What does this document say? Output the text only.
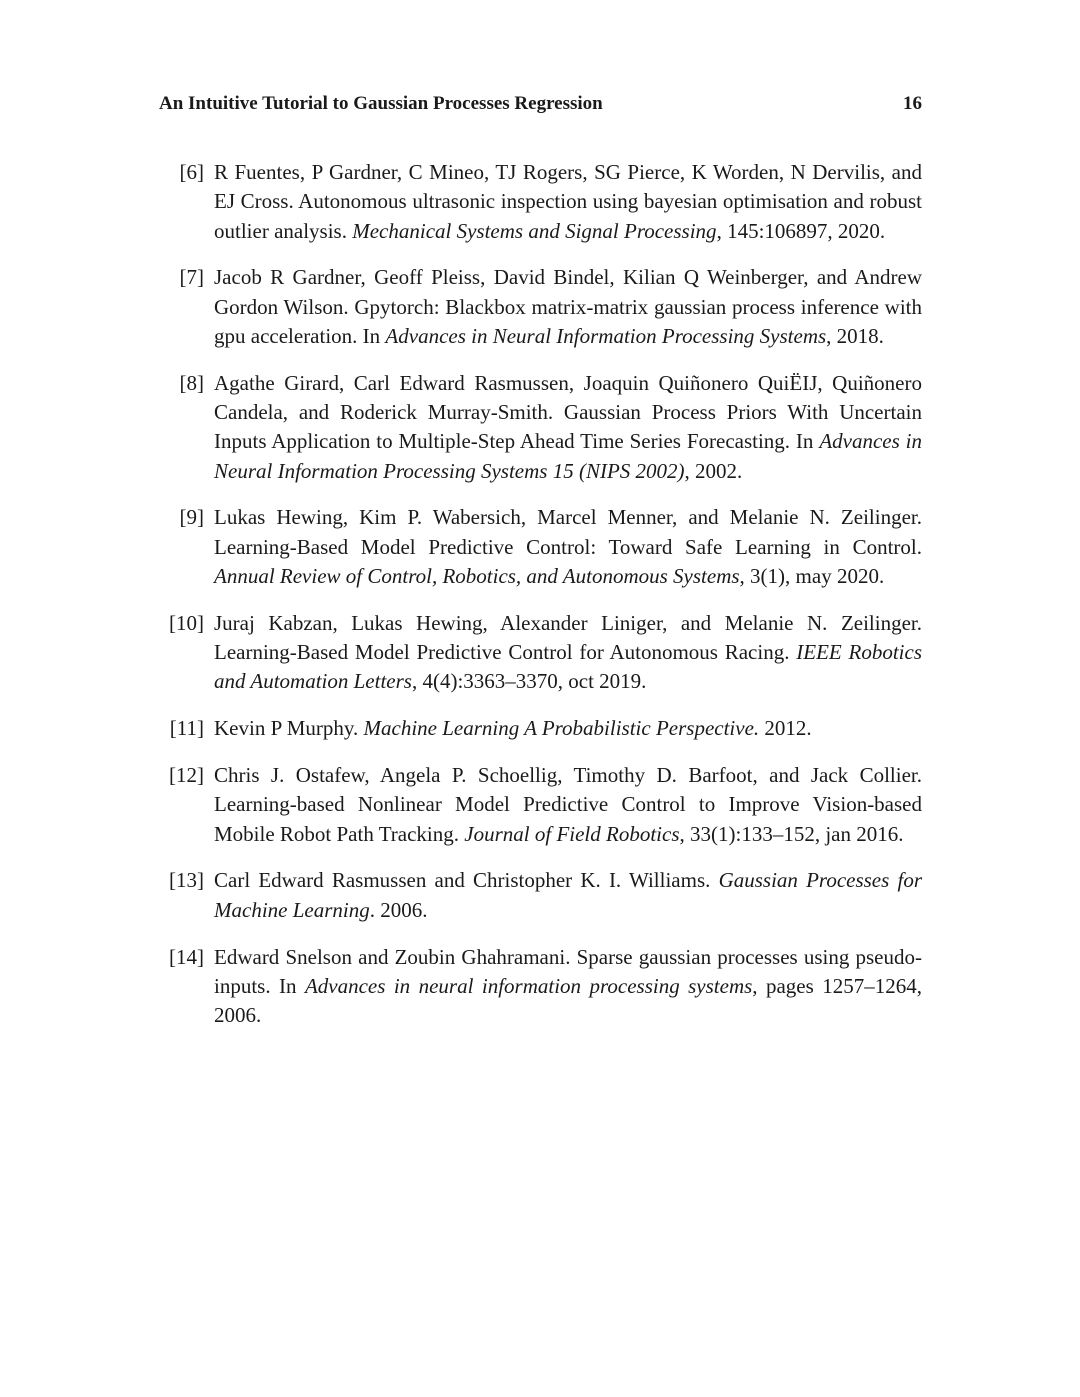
An Intuitive Tutorial to Gaussian Processes Regression	16
[6] R Fuentes, P Gardner, C Mineo, TJ Rogers, SG Pierce, K Worden, N Dervilis, and EJ Cross. Autonomous ultrasonic inspection using bayesian optimisation and robust outlier analysis. Mechanical Systems and Signal Processing, 145:106897, 2020.
[7] Jacob R Gardner, Geoff Pleiss, David Bindel, Kilian Q Weinberger, and Andrew Gordon Wilson. Gpytorch: Blackbox matrix-matrix gaussian process inference with gpu acceleration. In Advances in Neural Information Processing Systems, 2018.
[8] Agathe Girard, Carl Edward Rasmussen, Joaquin Quiñonero QuiËIJ, Quiñonero Candela, and Roderick Murray-Smith. Gaussian Process Priors With Uncertain Inputs Application to Multiple-Step Ahead Time Series Forecasting. In Advances in Neural Information Processing Systems 15 (NIPS 2002), 2002.
[9] Lukas Hewing, Kim P. Wabersich, Marcel Menner, and Melanie N. Zeilinger. Learning-Based Model Predictive Control: Toward Safe Learning in Control. Annual Review of Control, Robotics, and Autonomous Systems, 3(1), may 2020.
[10] Juraj Kabzan, Lukas Hewing, Alexander Liniger, and Melanie N. Zeilinger. Learning-Based Model Predictive Control for Autonomous Racing. IEEE Robotics and Automation Letters, 4(4):3363–3370, oct 2019.
[11] Kevin P Murphy. Machine Learning A Probabilistic Perspective. 2012.
[12] Chris J. Ostafew, Angela P. Schoellig, Timothy D. Barfoot, and Jack Collier. Learning-based Nonlinear Model Predictive Control to Improve Vision-based Mobile Robot Path Tracking. Journal of Field Robotics, 33(1):133–152, jan 2016.
[13] Carl Edward Rasmussen and Christopher K. I. Williams. Gaussian Processes for Machine Learning. 2006.
[14] Edward Snelson and Zoubin Ghahramani. Sparse gaussian processes using pseudo-inputs. In Advances in neural information processing systems, pages 1257–1264, 2006.
